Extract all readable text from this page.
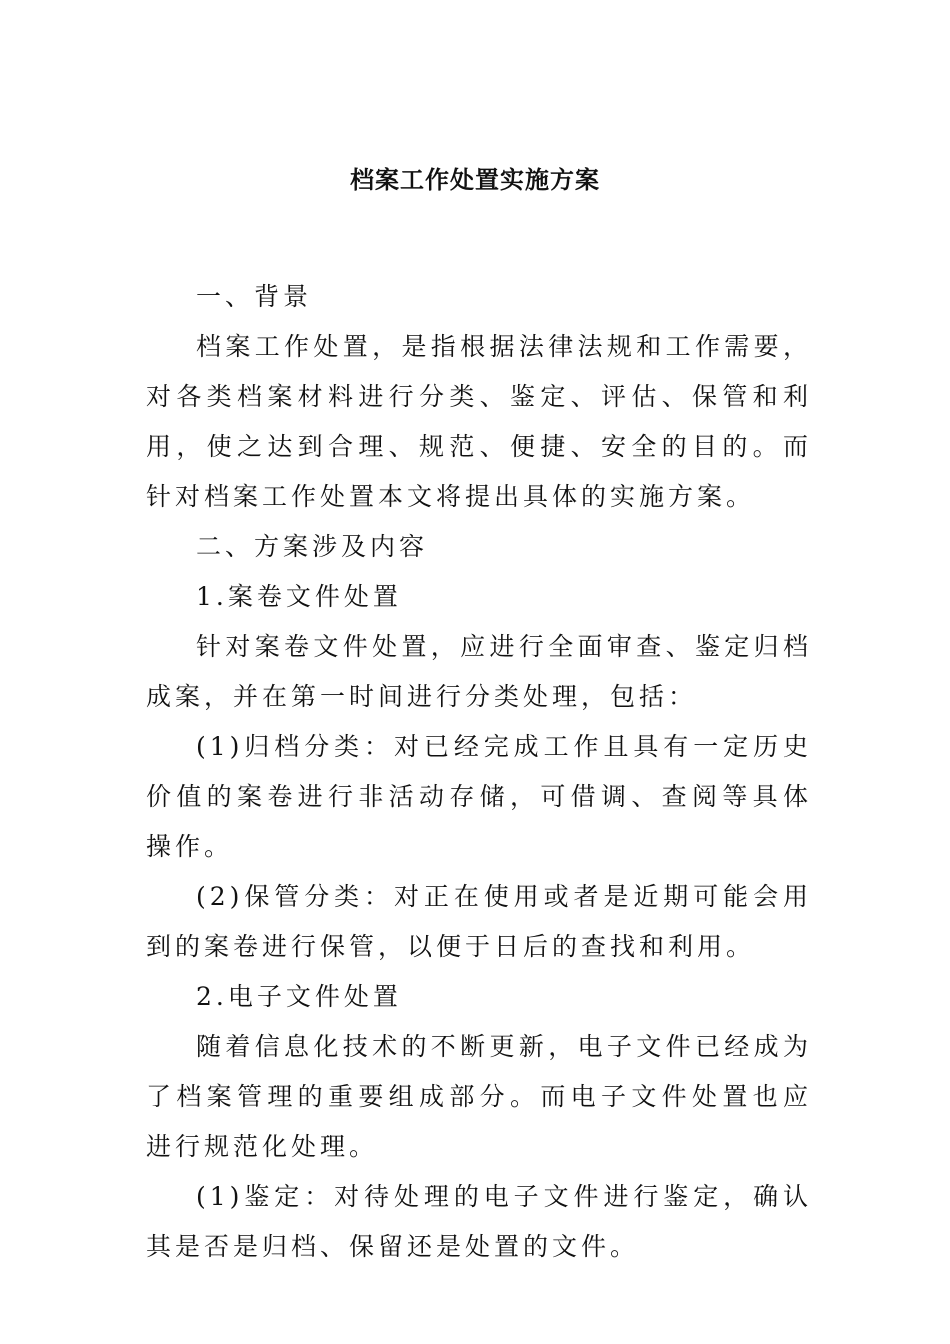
档案工作处置实施方案

一、背景

档案工作处置，是指根据法律法规和工作需要，对各类档案材料进行分类、鉴定、评估、保管和利用，使之达到合理、规范、便捷、安全的目的。而针对档案工作处置本文将提出具体的实施方案。

二、方案涉及内容

1.案卷文件处置

针对案卷文件处置，应进行全面审查、鉴定归档成案，并在第一时间进行分类处理，包括：

(1)归档分类：对已经完成工作且具有一定历史价值的案卷进行非活动存储，可借调、查阅等具体操作。

(2)保管分类：对正在使用或者是近期可能会用到的案卷进行保管，以便于日后的查找和利用。

2.电子文件处置

随着信息化技术的不断更新，电子文件已经成为了档案管理的重要组成部分。而电子文件处置也应进行规范化处理。

(1)鉴定：对待处理的电子文件进行鉴定，确认其是否是归档、保留还是处置的文件。
